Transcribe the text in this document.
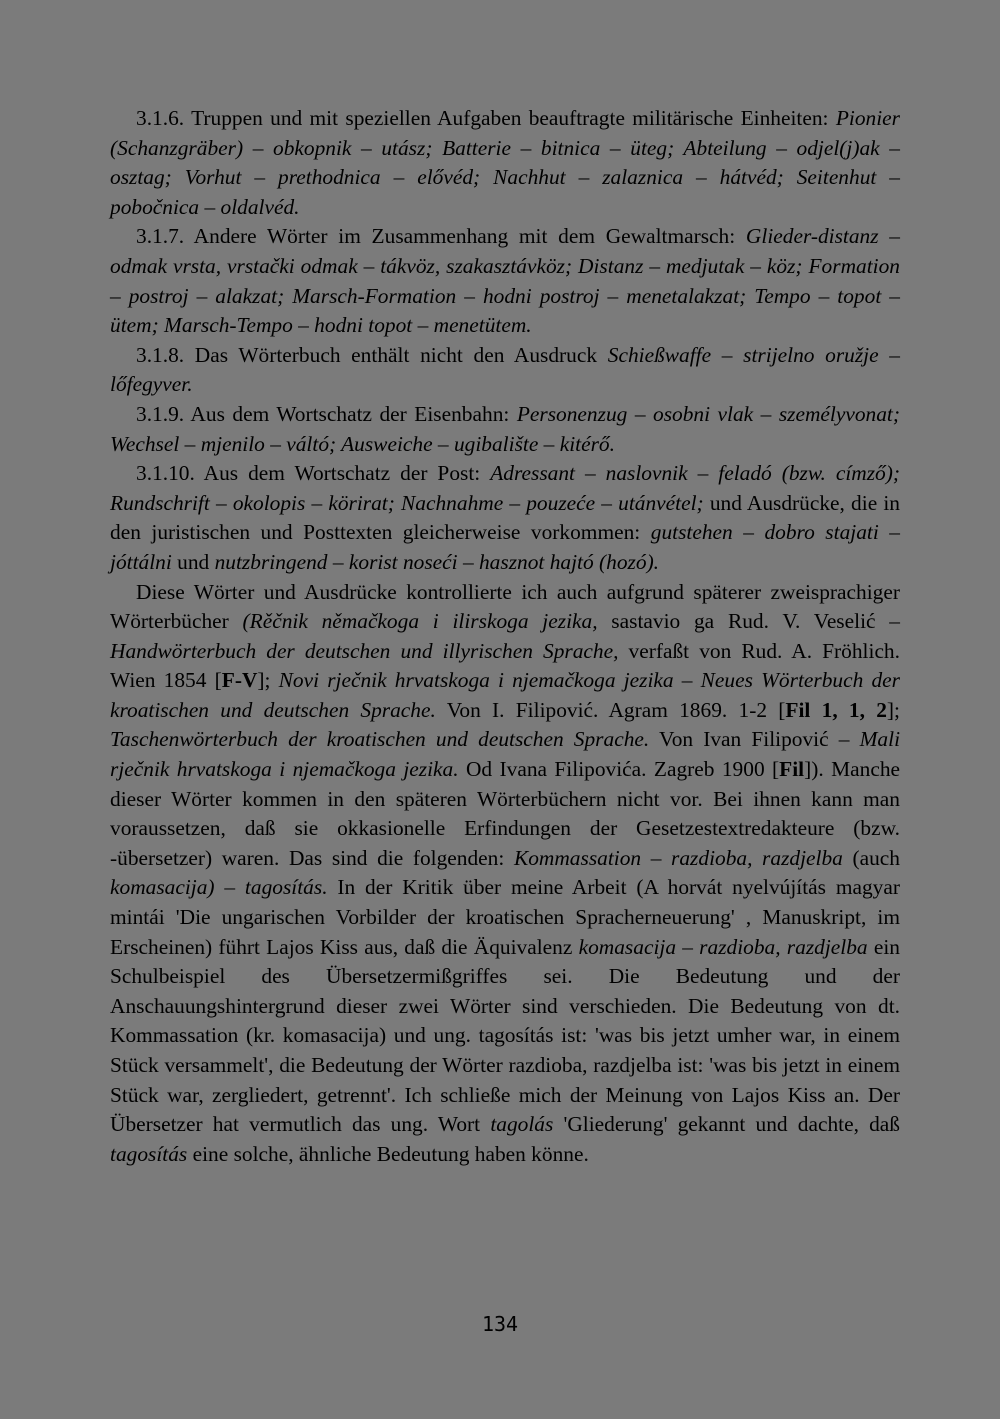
3.1.6. Truppen und mit speziellen Aufgaben beauftragte militärische Einheiten: Pionier (Schanzgräber) – obkopnik – utász; Batterie – bitnica – üteg; Abteilung – odjel(j)ak – osztag; Vorhut – prethodnica – elővéd; Nachhut – zalaznica – hátvéd; Seitenhut – pobočnica – oldalvéd.

3.1.7. Andere Wörter im Zusammenhang mit dem Gewaltmarsch: Glieder-distanz – odmak vrsta, vrstački odmak – tákvöz, szakasztávköz; Distanz – medjutak – köz; Formation – postroj – alakzat; Marsch-Formation – hodni postroj – menetalakzat; Tempo – topot – ütem; Marsch-Tempo – hodni topot – menetütem.

3.1.8. Das Wörterbuch enthält nicht den Ausdruck Schießwaffe – strijelno oružje – lőfegyver.

3.1.9. Aus dem Wortschatz der Eisenbahn: Personenzug – osobni vlak – személyvonat; Wechsel – mjenilo – váltó; Ausweiche – ugibalište – kitérő.

3.1.10. Aus dem Wortschatz der Post: Adressant – naslovnik – feladó (bzw. címző); Rundschrift – okolopis – körirat; Nachnahme – pouzeće – utánvétel; und Ausdrücke, die in den juristischen und Posttexten gleicherweise vorkommen: gutstehen – dobro stajati – jóttálni und nutzbringend – korist noseći – hasznot hajtó (hozó).

Diese Wörter und Ausdrücke kontrollierte ich auch aufgrund späterer zweisprachiger Wörterbücher (Rěčnik němačkoga i ilirskoga jezika, sastavio ga Rud. V. Veselić – Handwörterbuch der deutschen und illyrischen Sprache, verfaßt von Rud. A. Fröhlich. Wien 1854 [F-V]; Novi rječnik hrvatskoga i njemačkoga jezika – Neues Wörterbuch der kroatischen und deutschen Sprache. Von I. Filipović. Agram 1869. 1-2 [Fil 1, 1, 2]; Taschenwörterbuch der kroatischen und deutschen Sprache. Von Ivan Filipović – Mali rječnik hrvatskoga i njemačkoga jezika. Od Ivana Filipovića. Zagreb 1900 [Fil]). Manche dieser Wörter kommen in den späteren Wörterbüchern nicht vor. Bei ihnen kann man voraussetzen, daß sie okkasionelle Erfindungen der Gesetzestextredakteure (bzw. -übersetzer) waren. Das sind die folgenden: Kommassation – razdioba, razdjelba (auch komasacija) – tagosítás. In der Kritik über meine Arbeit (A horvát nyelvújítás magyar mintái 'Die ungarischen Vorbilder der kroatischen Spracherneuerung' , Manuskript, im Erscheinen) führt Lajos Kiss aus, daß die Äquivalenz komasacija – razdioba, razdjelba ein Schulbeispiel des Übersetzermißgriffes sei. Die Bedeutung und der Anschauungshintergrund dieser zwei Wörter sind verschieden. Die Bedeutung von dt. Kommassation (kr. komasacija) und ung. tagosítás ist: 'was bis jetzt umher war, in einem Stück versammelt', die Bedeutung der Wörter razdioba, razdjelba ist: 'was bis jetzt in einem Stück war, zergliedert, getrennt'. Ich schließe mich der Meinung von Lajos Kiss an. Der Übersetzer hat vermutlich das ung. Wort tagolás 'Gliederung' gekannt und dachte, daß tagosítás eine solche, ähnliche Bedeutung haben könne.

134
